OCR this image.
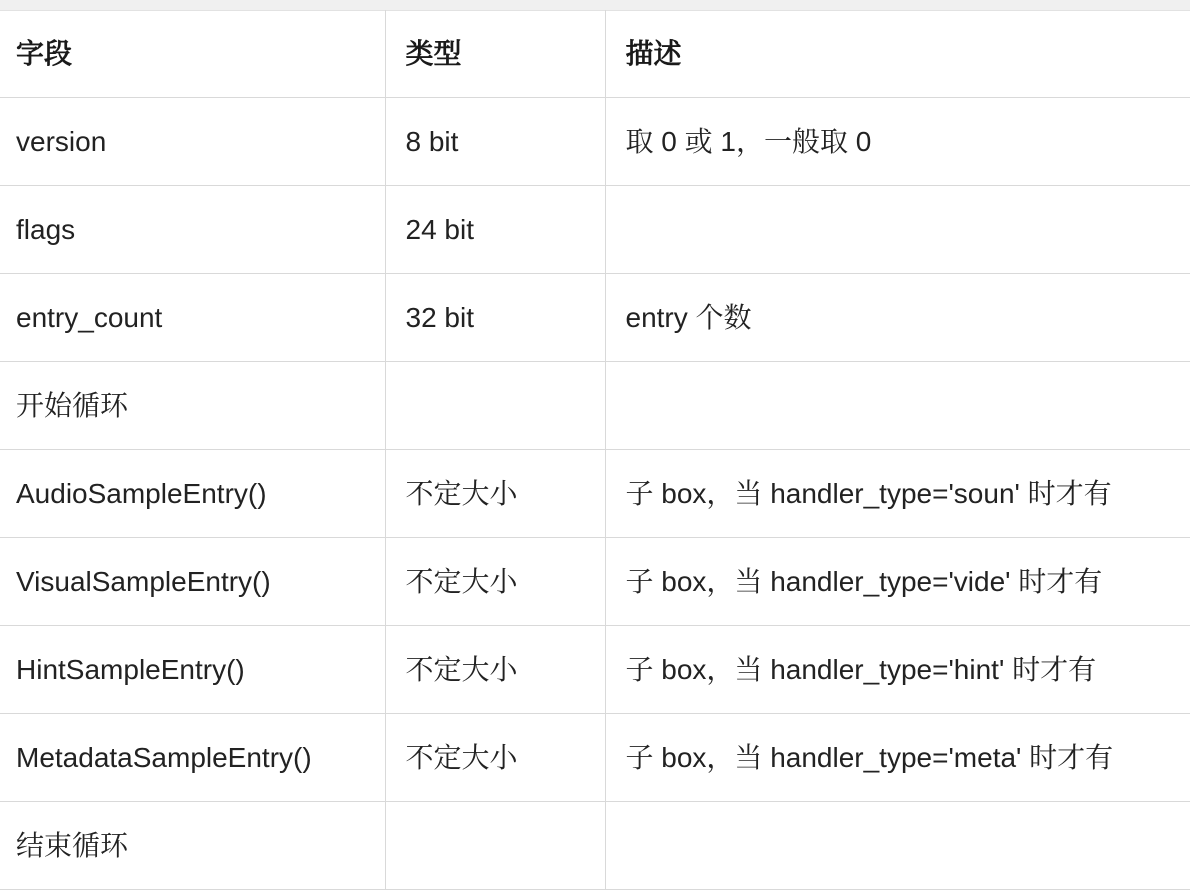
字段	类型	描述
version	8 bit	取 0 或 1，一般取 0
flags	24 bit	
entry_count	32 bit	entry 个数
开始循环		
AudioSampleEntry()	不定大小	子 box，当 handler_type='soun' 时才有
VisualSampleEntry()	不定大小	子 box，当 handler_type='vide' 时才有
HintSampleEntry()	不定大小	子 box，当 handler_type='hint' 时才有
MetadataSampleEntry()	不定大小	子 box，当 handler_type='meta' 时才有
结束循环		
